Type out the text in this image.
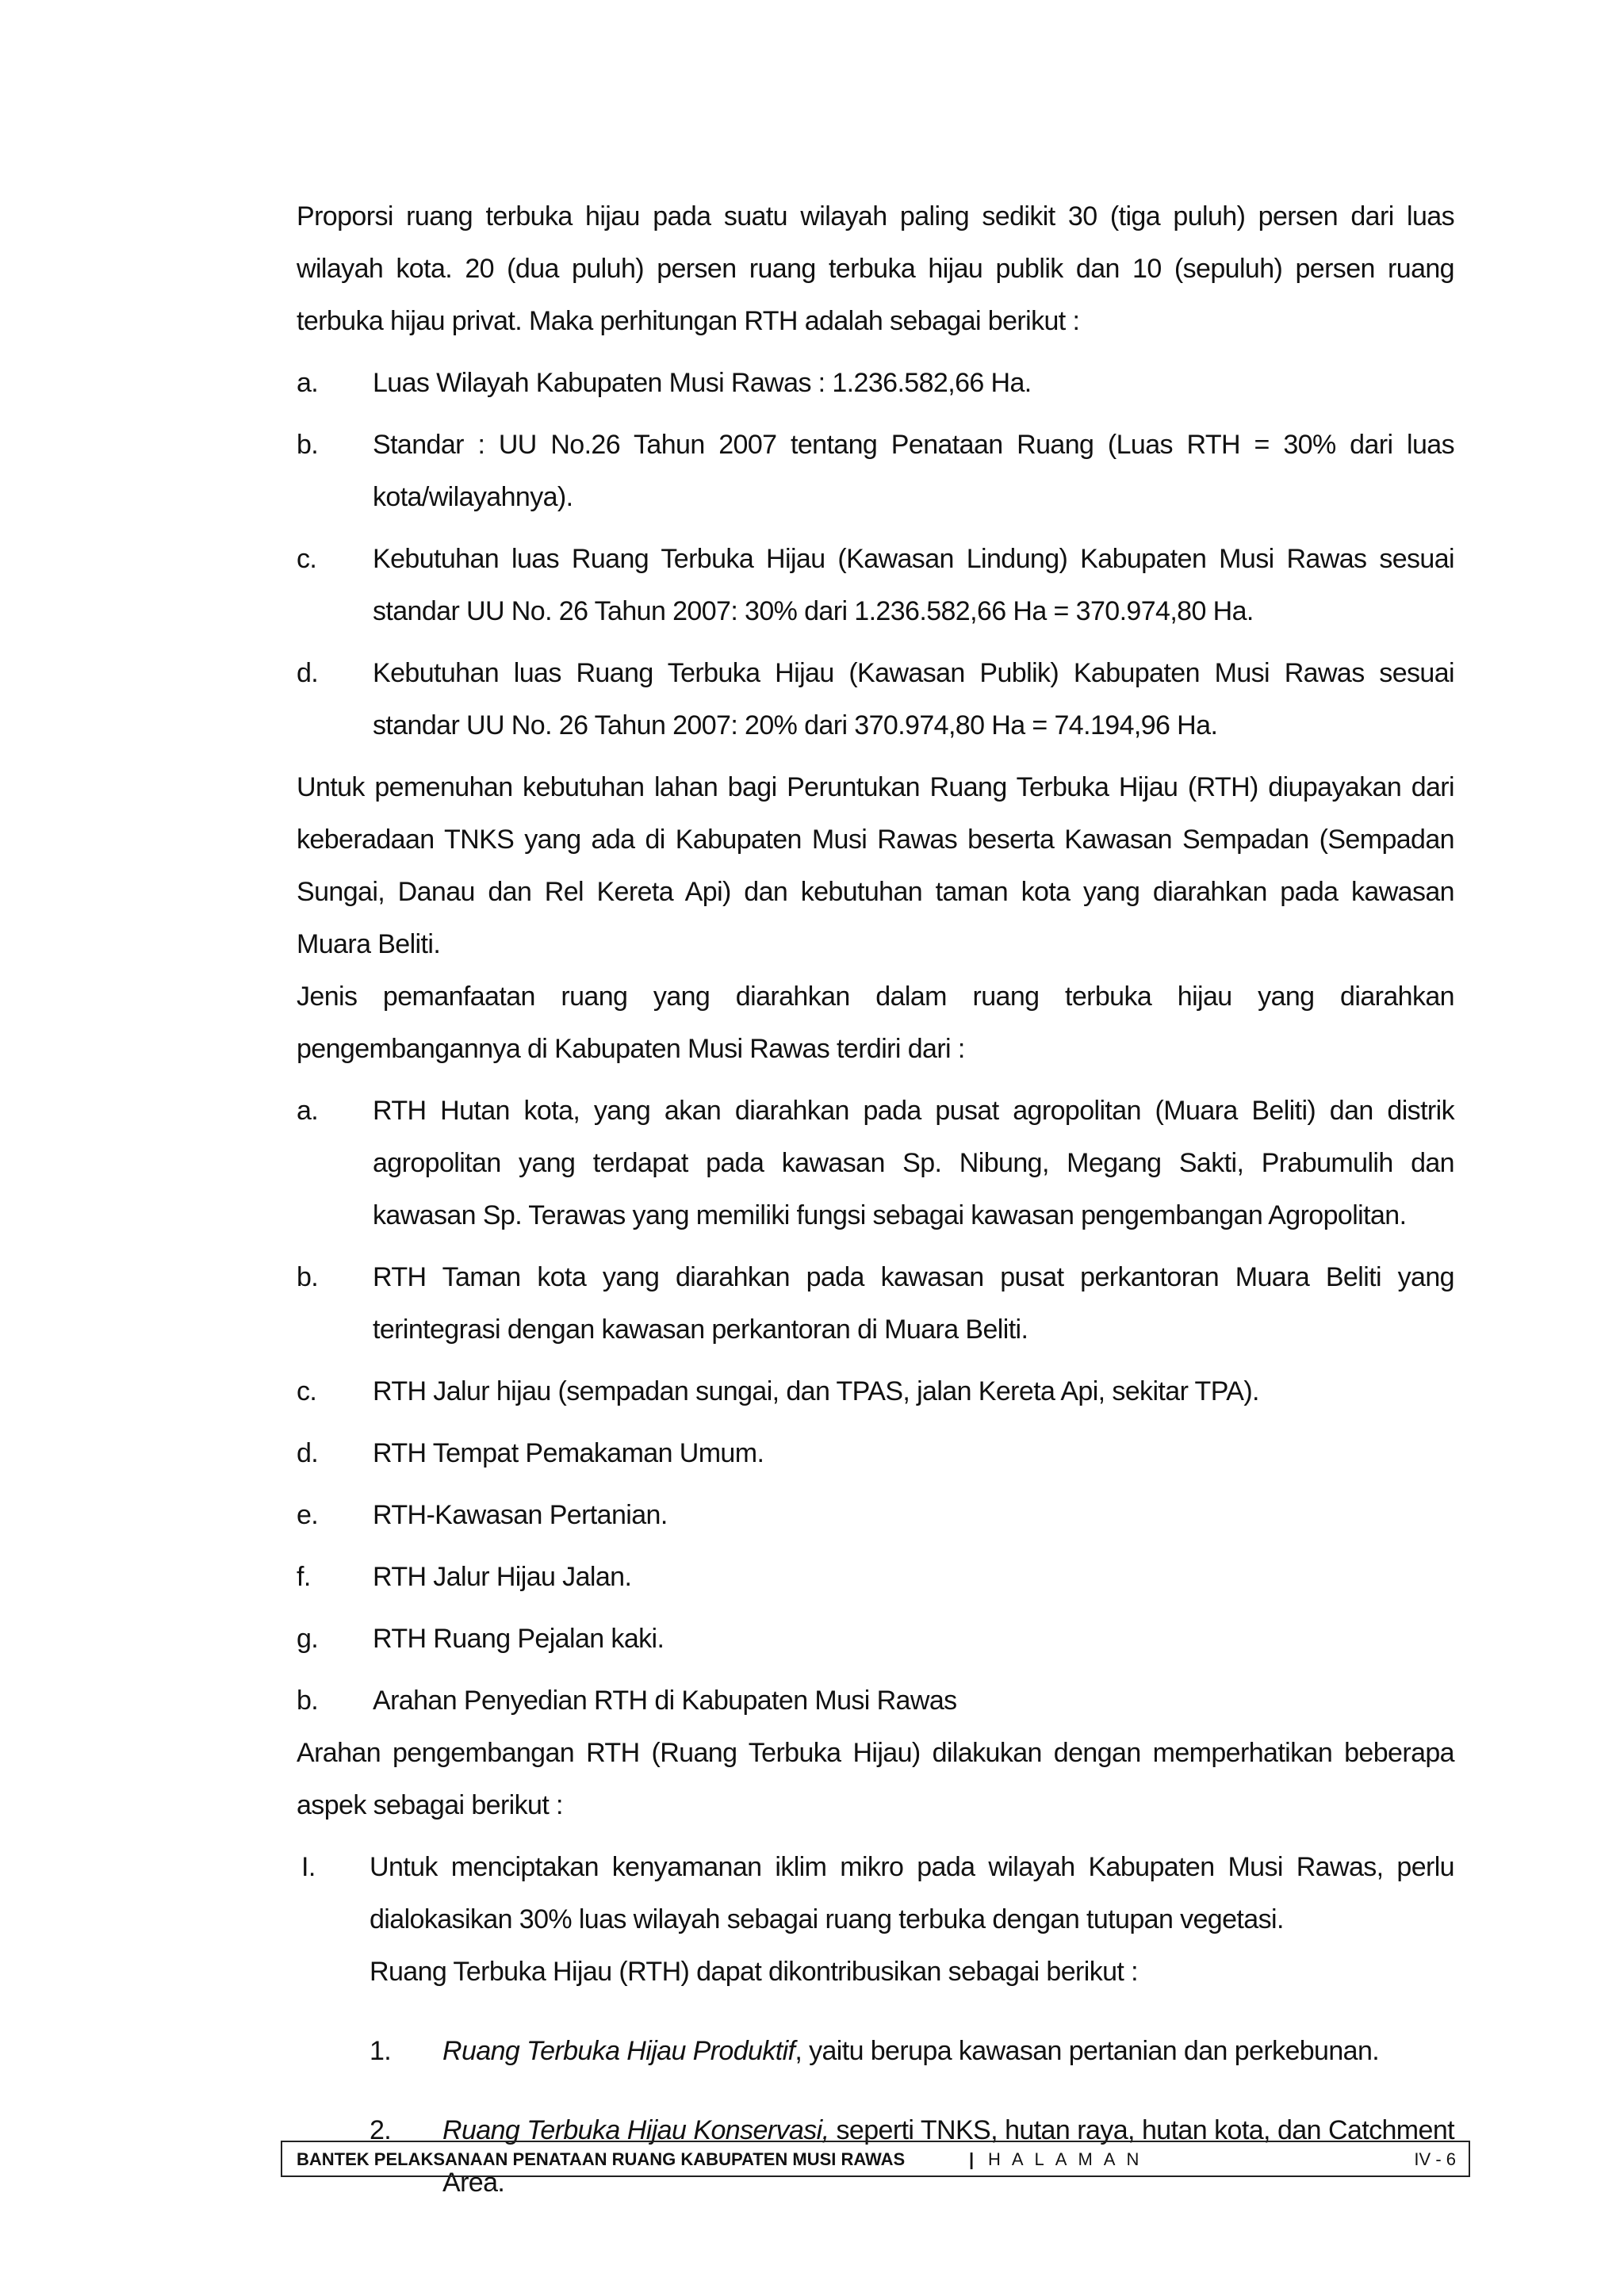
Proporsi ruang terbuka hijau pada suatu wilayah paling sedikit 30 (tiga puluh) persen dari luas wilayah kota. 20 (dua puluh) persen ruang terbuka hijau publik dan 10 (sepuluh) persen ruang terbuka hijau privat. Maka perhitungan RTH adalah sebagai berikut :

a. Luas Wilayah Kabupaten Musi Rawas : 1.236.582,66 Ha.

b. Standar : UU No.26 Tahun 2007 tentang Penataan Ruang (Luas RTH = 30% dari luas kota/wilayahnya).

c. Kebutuhan luas Ruang Terbuka Hijau (Kawasan Lindung) Kabupaten Musi Rawas sesuai standar UU No. 26 Tahun 2007: 30% dari 1.236.582,66 Ha = 370.974,80 Ha.

d. Kebutuhan luas Ruang Terbuka Hijau (Kawasan Publik) Kabupaten Musi Rawas sesuai standar UU No. 26 Tahun 2007: 20% dari 370.974,80 Ha = 74.194,96 Ha.

Untuk pemenuhan kebutuhan lahan bagi Peruntukan Ruang Terbuka Hijau (RTH) diupayakan dari keberadaan TNKS yang ada di Kabupaten Musi Rawas beserta Kawasan Sempadan (Sempadan Sungai, Danau dan Rel Kereta Api) dan kebutuhan taman kota yang diarahkan pada kawasan Muara Beliti.

Jenis pemanfaatan ruang yang diarahkan dalam ruang terbuka hijau yang diarahkan pengembangannya di Kabupaten Musi Rawas terdiri dari :

a. RTH Hutan kota, yang akan diarahkan pada pusat agropolitan (Muara Beliti) dan distrik agropolitan yang terdapat pada kawasan Sp. Nibung, Megang Sakti, Prabumulih dan kawasan Sp. Terawas yang memiliki fungsi sebagai kawasan pengembangan Agropolitan.

b. RTH Taman kota yang diarahkan pada kawasan pusat perkantoran Muara Beliti yang terintegrasi dengan kawasan perkantoran di Muara Beliti.

c. RTH Jalur hijau (sempadan sungai, dan TPAS, jalan Kereta Api, sekitar TPA).

d. RTH Tempat Pemakaman Umum.

e. RTH-Kawasan Pertanian.

f. RTH Jalur Hijau Jalan.

g. RTH Ruang Pejalan kaki.

b. Arahan Penyedian RTH di Kabupaten Musi Rawas

Arahan pengembangan RTH (Ruang Terbuka Hijau) dilakukan dengan memperhatikan beberapa aspek sebagai berikut :

I. Untuk menciptakan kenyamanan iklim mikro pada wilayah Kabupaten Musi Rawas, perlu dialokasikan 30% luas wilayah sebagai ruang terbuka dengan tutupan vegetasi.

Ruang Terbuka Hijau (RTH) dapat dikontribusikan sebagai berikut :

1. Ruang Terbuka Hijau Produktif, yaitu berupa kawasan pertanian dan perkebunan.

2. Ruang Terbuka Hijau Konservasi, seperti TNKS, hutan raya, hutan kota, dan Catchment Area.

BANTEK PELAKSANAAN PENATAAN RUANG KABUPATEN MUSI RAWAS	| HALAMAN	IV - 6
